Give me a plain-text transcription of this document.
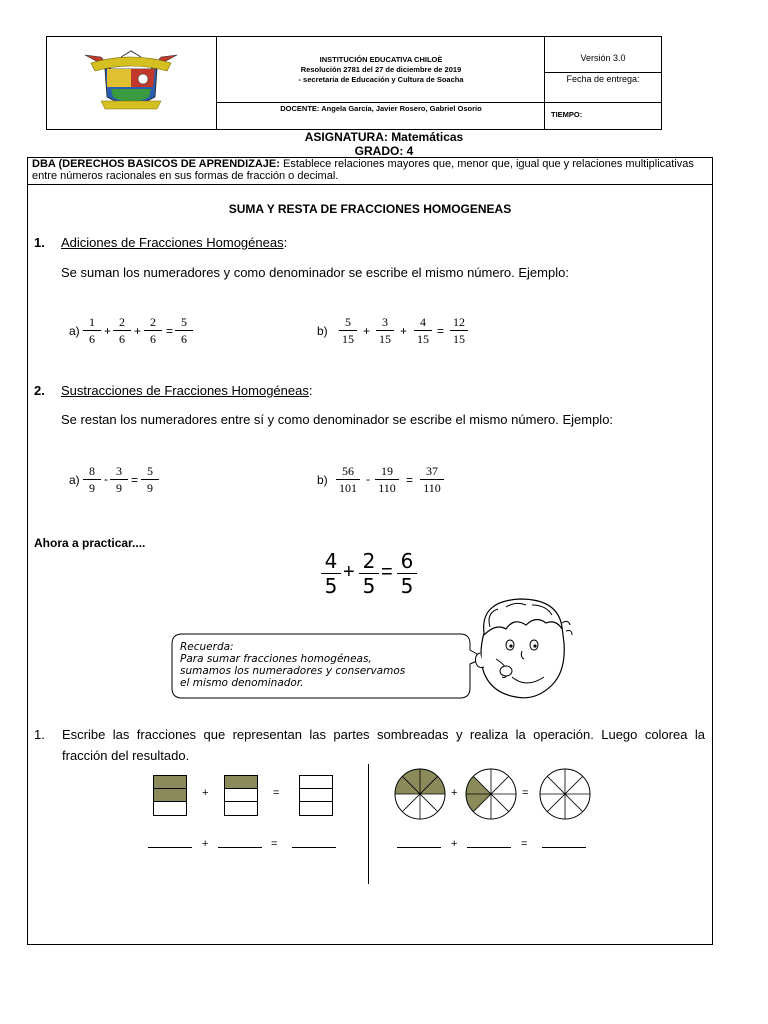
INSTITUCIÓN EDUCATIVA CHILOÈ
Resolución 2781 del 27 de diciembre de 2019
- secretaria de Educación y Cultura de Soacha
DOCENTE: Angela García, Javier Rosero, Gabriel Osorio
Versión 3.0
Fecha de entrega:
TIEMPO:
ASIGNATURA: Matemáticas
GRADO: 4
DBA (DERECHOS BASICOS DE APRENDIZAJE: Establece relaciones mayores que, menor que, igual que y relaciones multiplicativas entre números racionales en sus formas de fracción o decimal.
SUMA Y RESTA DE FRACCIONES HOMOGENEAS
1. Adiciones de Fracciones Homogéneas:
Se suman los numeradores y como denominador se escribe el mismo número. Ejemplo:
a)
1
6
+
2
6
+
2
6
=
5
6
b)
5
15
+
3
15
+
4
15
=
12
15
2. Sustracciones de Fracciones Homogéneas:
Se restan los numeradores entre sí y como denominador se escribe el mismo número. Ejemplo:
a)
8
9
-
3
9
=
5
9
b)
56
101
-
19
110
=
37
110
Ahora a practicar....
4
5
+ 2
5
= 6
5
Recuerda:
Para sumar fracciones homogéneas,
sumamos los numeradores y conservamos
el mismo denominador.
1. Escribe las fracciones que representan las partes sombreadas y realiza la operación. Luego colorea la
fracción del resultado.
+	=
+	=
+	=
+	=
